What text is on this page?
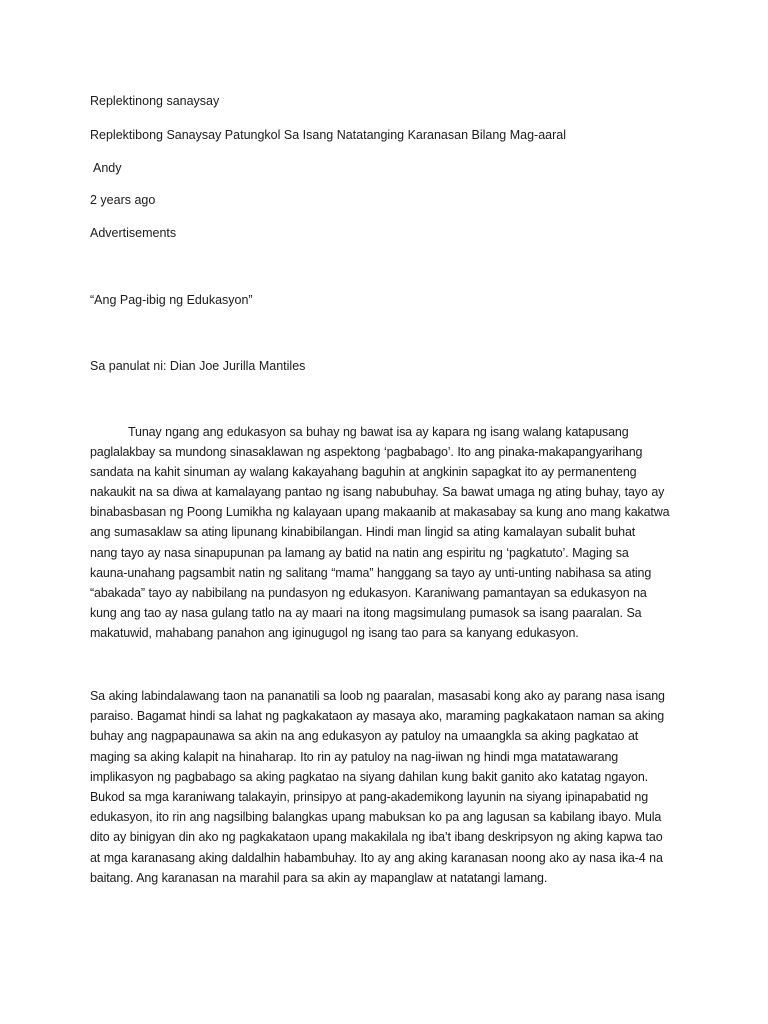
Replektinong sanaysay
Replektibong Sanaysay Patungkol Sa Isang Natatanging Karanasan Bilang Mag-aaral
Andy
2 years ago
Advertisements
“Ang Pag-ibig ng Edukasyon”
Sa panulat ni: Dian Joe Jurilla Mantiles
Tunay ngang ang edukasyon sa buhay ng bawat isa ay kapara ng isang walang katapusang
paglalakbay sa mundong sinasaklawan ng aspektong ‘pagbabago’. Ito ang pinaka-makapangyarihang
sandata na kahit sinuman ay walang kakayahang baguhin at angkinin sapagkat ito ay permanenteng
nakaukit na sa diwa at kamalayang pantao ng isang nabubuhay. Sa bawat umaga ng ating buhay, tayo ay
binabasbasan ng Poong Lumikha ng kalayaan upang makaanib at makasabay sa kung ano mang kakatwa
ang sumasaklaw sa ating lipunang kinabibilangan. Hindi man lingid sa ating kamalayan subalit buhat
nang tayo ay nasa sinapupunan pa lamang ay batid na natin ang espiritu ng ‘pagkatuto’. Maging sa
kauna-unahang pagsambit natin ng salitang “mama” hanggang sa tayo ay unti-unting nabihasa sa ating
“abakada” tayo ay nabibilang na pundasyon ng edukasyon. Karaniwang pamantayan sa edukasyon na
kung ang tao ay nasa gulang tatlo na ay maari na itong magsimulang pumasok sa isang paaralan. Sa
makatuwid, mahabang panahon ang iginugugol ng isang tao para sa kanyang edukasyon.
Sa aking labindalawang taon na pananatili sa loob ng paaralan, masasabi kong ako ay parang nasa isang
paraiso. Bagamat hindi sa lahat ng pagkakataon ay masaya ako, maraming pagkakataon naman sa aking
buhay ang nagpapaunawa sa akin na ang edukasyon ay patuloy na umaangkla sa aking pagkatao at
maging sa aking kalapit na hinaharap. Ito rin ay patuloy na nag-iiwan ng hindi mga matatawarang
implikasyon ng pagbabago sa aking pagkatao na siyang dahilan kung bakit ganito ako katatag ngayon.
Bukod sa mga karaniwang talakayin, prinsipyo at pang-akademikong layunin na siyang ipinapabatid ng
edukasyon, ito rin ang nagsilbing balangkas upang mabuksan ko pa ang lagusan sa kabilang ibayo. Mula
dito ay binigyan din ako ng pagkakataon upang makakilala ng iba’t ibang deskripsyon ng aking kapwa tao
at mga karanasang aking daldalhin habambuhay. Ito ay ang aking karanasan noong ako ay nasa ika-4 na
baitang. Ang karanasan na marahil para sa akin ay mapanglaw at natatangi lamang.
